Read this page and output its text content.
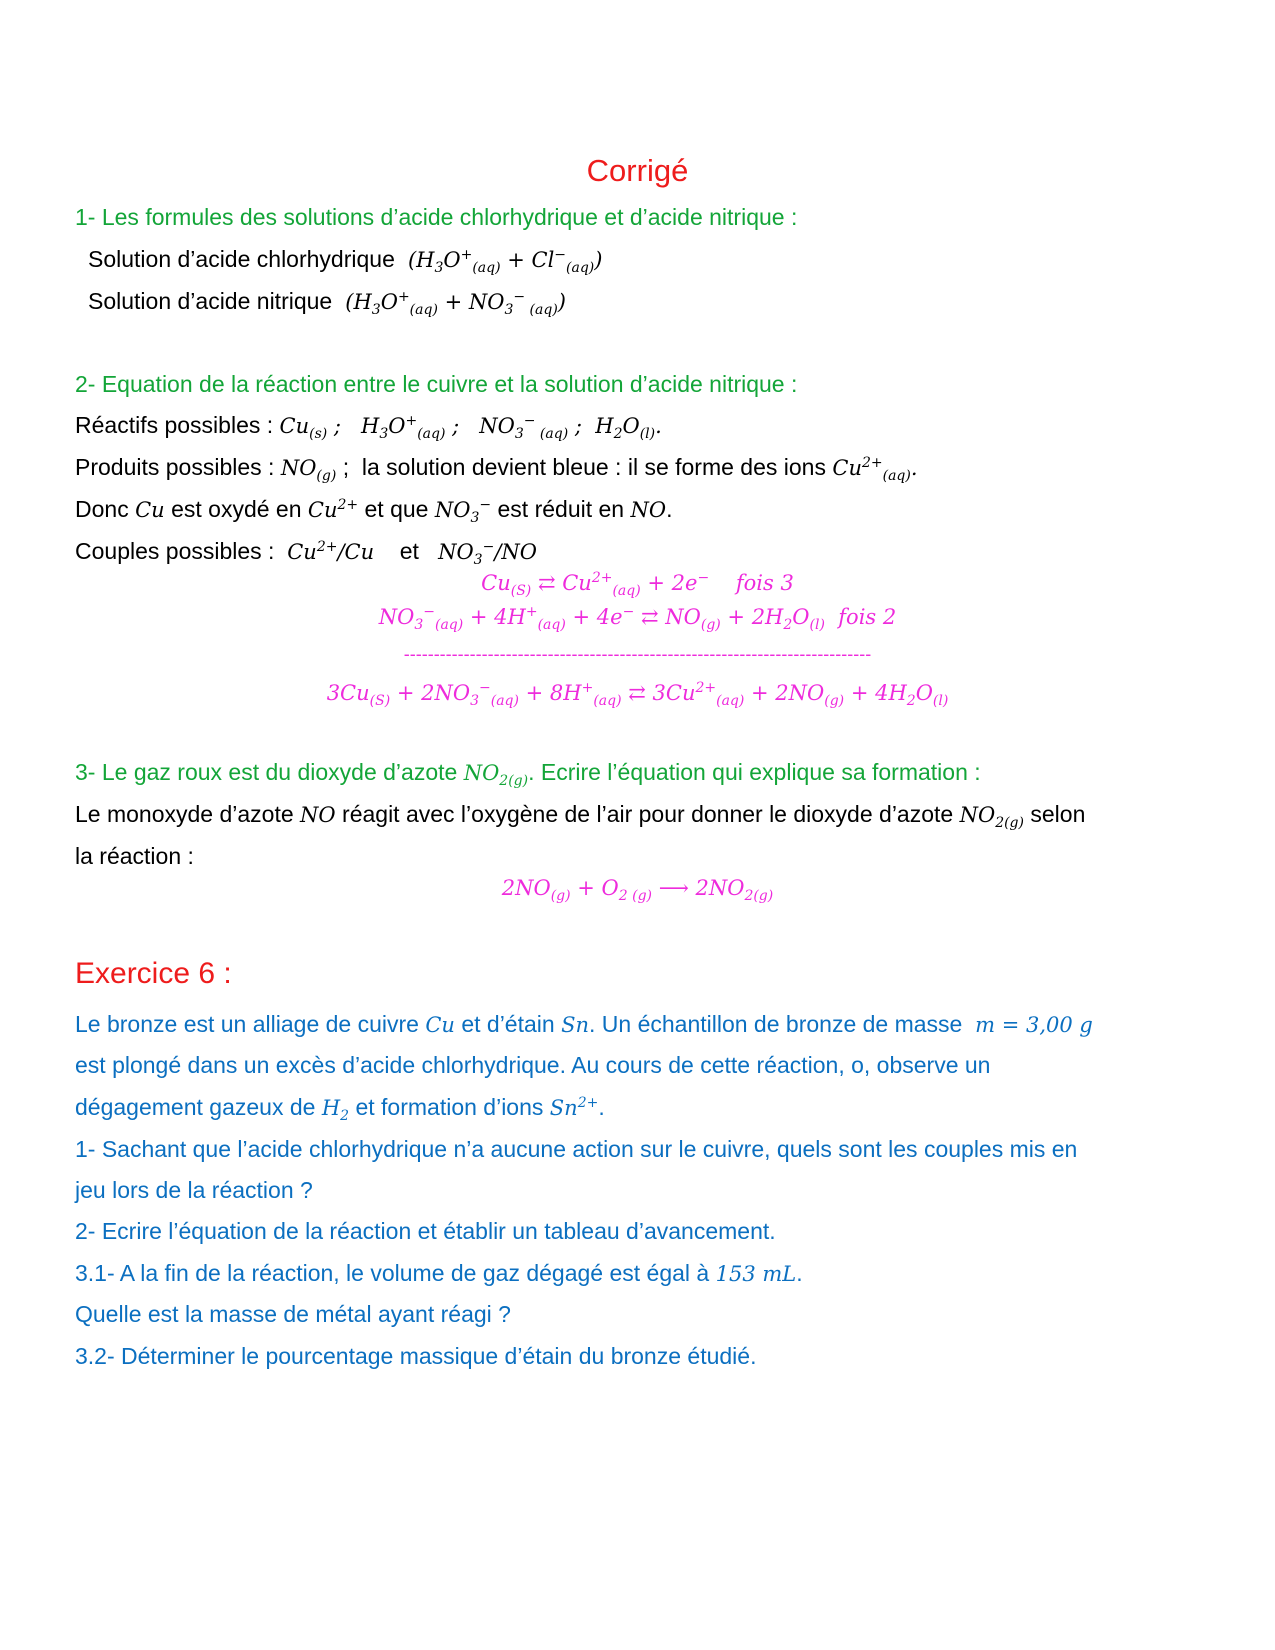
Corrigé
1- Les formules des solutions d’acide chlorhydrique et d’acide nitrique :
Solution d’acide chlorhydrique  $(H_3O^+_{(aq)} + Cl^-_{(aq)})$
Solution d’acide nitrique  ($H_3O^+_{(aq)} + NO_3^-$ $_{(aq)}$)
2- Equation de la réaction entre le cuivre et la solution d’acide nitrique :
Réactifs possibles : $Cu_{(s)}$ ;   $H_3O^+_{(aq)}$ ;   $NO_3^-$ $_{(aq)}$ ;  $H_2O_{(l)}$.
Produits possibles : $NO_{(g)}$ ;  la solution devient bleue : il se forme des ions $Cu^{2+}_{(aq)}$.
Donc Cu est oxydé en $Cu^{2+}$ et que $NO_3^-$ est réduit en NO.
Couples possibles : $Cu^{2+}/Cu$ et $NO_3^-/NO$
$Cu_{(S)}$ ⇄ $Cu^{2+}_{(aq)} + 2e^-$ fois 3
$NO_3^-_{(aq)} + 4H^+_{(aq)} + 4e^-$ ⇄ $NO_{(g)} + 2H_2O_{(l)}$ fois 2
------------------------------------------------------------------------------
$3Cu_{(S)} + 2NO_3^-_{(aq)} + 8H^+_{(aq)}$ ⇄ $3Cu^{2+}_{(aq)} + 2NO_{(g)} + 4H_2O_{(l)}$
3- Le gaz roux est du dioxyde d’azote $NO_{2(g)}$. Ecrire l’équation qui explique sa formation :
Le monoxyde d’azote NO réagit avec l’oxygène de l’air pour donner le dioxyde d’azote $NO_{2(g)}$ selon
la réaction :
$2NO_{(g)} + O_{2 (g)}$ ⟶ $2NO_{2(g)}$
Exercice 6 :
Le bronze est un alliage de cuivre Cu et d’étain Sn. Un échantillon de bronze de masse m = 3,00 g
est plongé dans un excès d’acide chlorhydrique. Au cours de cette réaction, o, observe un
dégagement gazeux de $H_2$ et formation d’ions $Sn^{2+}$.
1- Sachant que l’acide chlorhydrique n’a aucune action sur le cuivre, quels sont les couples mis en
jeu lors de la réaction ?
2- Ecrire l’équation de la réaction et établir un tableau d’avancement.
3.1- A la fin de la réaction, le volume de gaz dégagé est égal à 153 mL.
Quelle est la masse de métal ayant réagi ?
3.2- Déterminer le pourcentage massique d’étain du bronze étudié.
